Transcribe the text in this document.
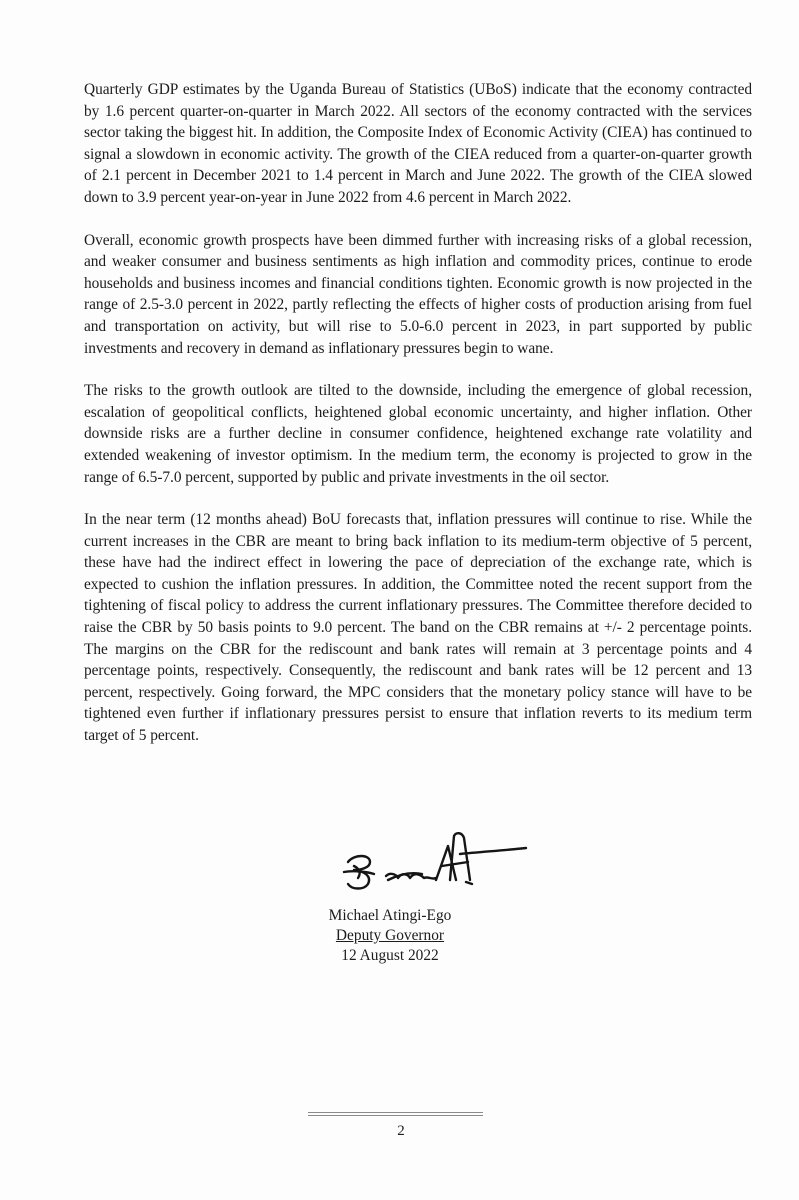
Quarterly GDP estimates by the Uganda Bureau of Statistics (UBoS) indicate that the economy contracted by 1.6 percent quarter-on-quarter in March 2022. All sectors of the economy contracted with the services sector taking the biggest hit. In addition, the Composite Index of Economic Activity (CIEA) has continued to signal a slowdown in economic activity. The growth of the CIEA reduced from a quarter-on-quarter growth of 2.1 percent in December 2021 to 1.4 percent in March and June 2022. The growth of the CIEA slowed down to 3.9 percent year-on-year in June 2022 from 4.6 percent in March 2022.

Overall, economic growth prospects have been dimmed further with increasing risks of a global recession, and weaker consumer and business sentiments as high inflation and commodity prices, continue to erode households and business incomes and financial conditions tighten. Economic growth is now projected in the range of 2.5-3.0 percent in 2022, partly reflecting the effects of higher costs of production arising from fuel and transportation on activity, but will rise to 5.0-6.0 percent in 2023, in part supported by public investments and recovery in demand as inflationary pressures begin to wane.

The risks to the growth outlook are tilted to the downside, including the emergence of global recession, escalation of geopolitical conflicts, heightened global economic uncertainty, and higher inflation. Other downside risks are a further decline in consumer confidence, heightened exchange rate volatility and extended weakening of investor optimism. In the medium term, the economy is projected to grow in the range of 6.5-7.0 percent, supported by public and private investments in the oil sector.

In the near term (12 months ahead) BoU forecasts that, inflation pressures will continue to rise. While the current increases in the CBR are meant to bring back inflation to its medium-term objective of 5 percent, these have had the indirect effect in lowering the pace of depreciation of the exchange rate, which is expected to cushion the inflation pressures. In addition, the Committee noted the recent support from the tightening of fiscal policy to address the current inflationary pressures. The Committee therefore decided to raise the CBR by 50 basis points to 9.0 percent. The band on the CBR remains at +/- 2 percentage points. The margins on the CBR for the rediscount and bank rates will remain at 3 percentage points and 4 percentage points, respectively. Consequently, the rediscount and bank rates will be 12 percent and 13 percent, respectively. Going forward, the MPC considers that the monetary policy stance will have to be tightened even further if inflationary pressures persist to ensure that inflation reverts to its medium term target of 5 percent.

Michael Atingi-Ego
Deputy Governor
12 August 2022
2
